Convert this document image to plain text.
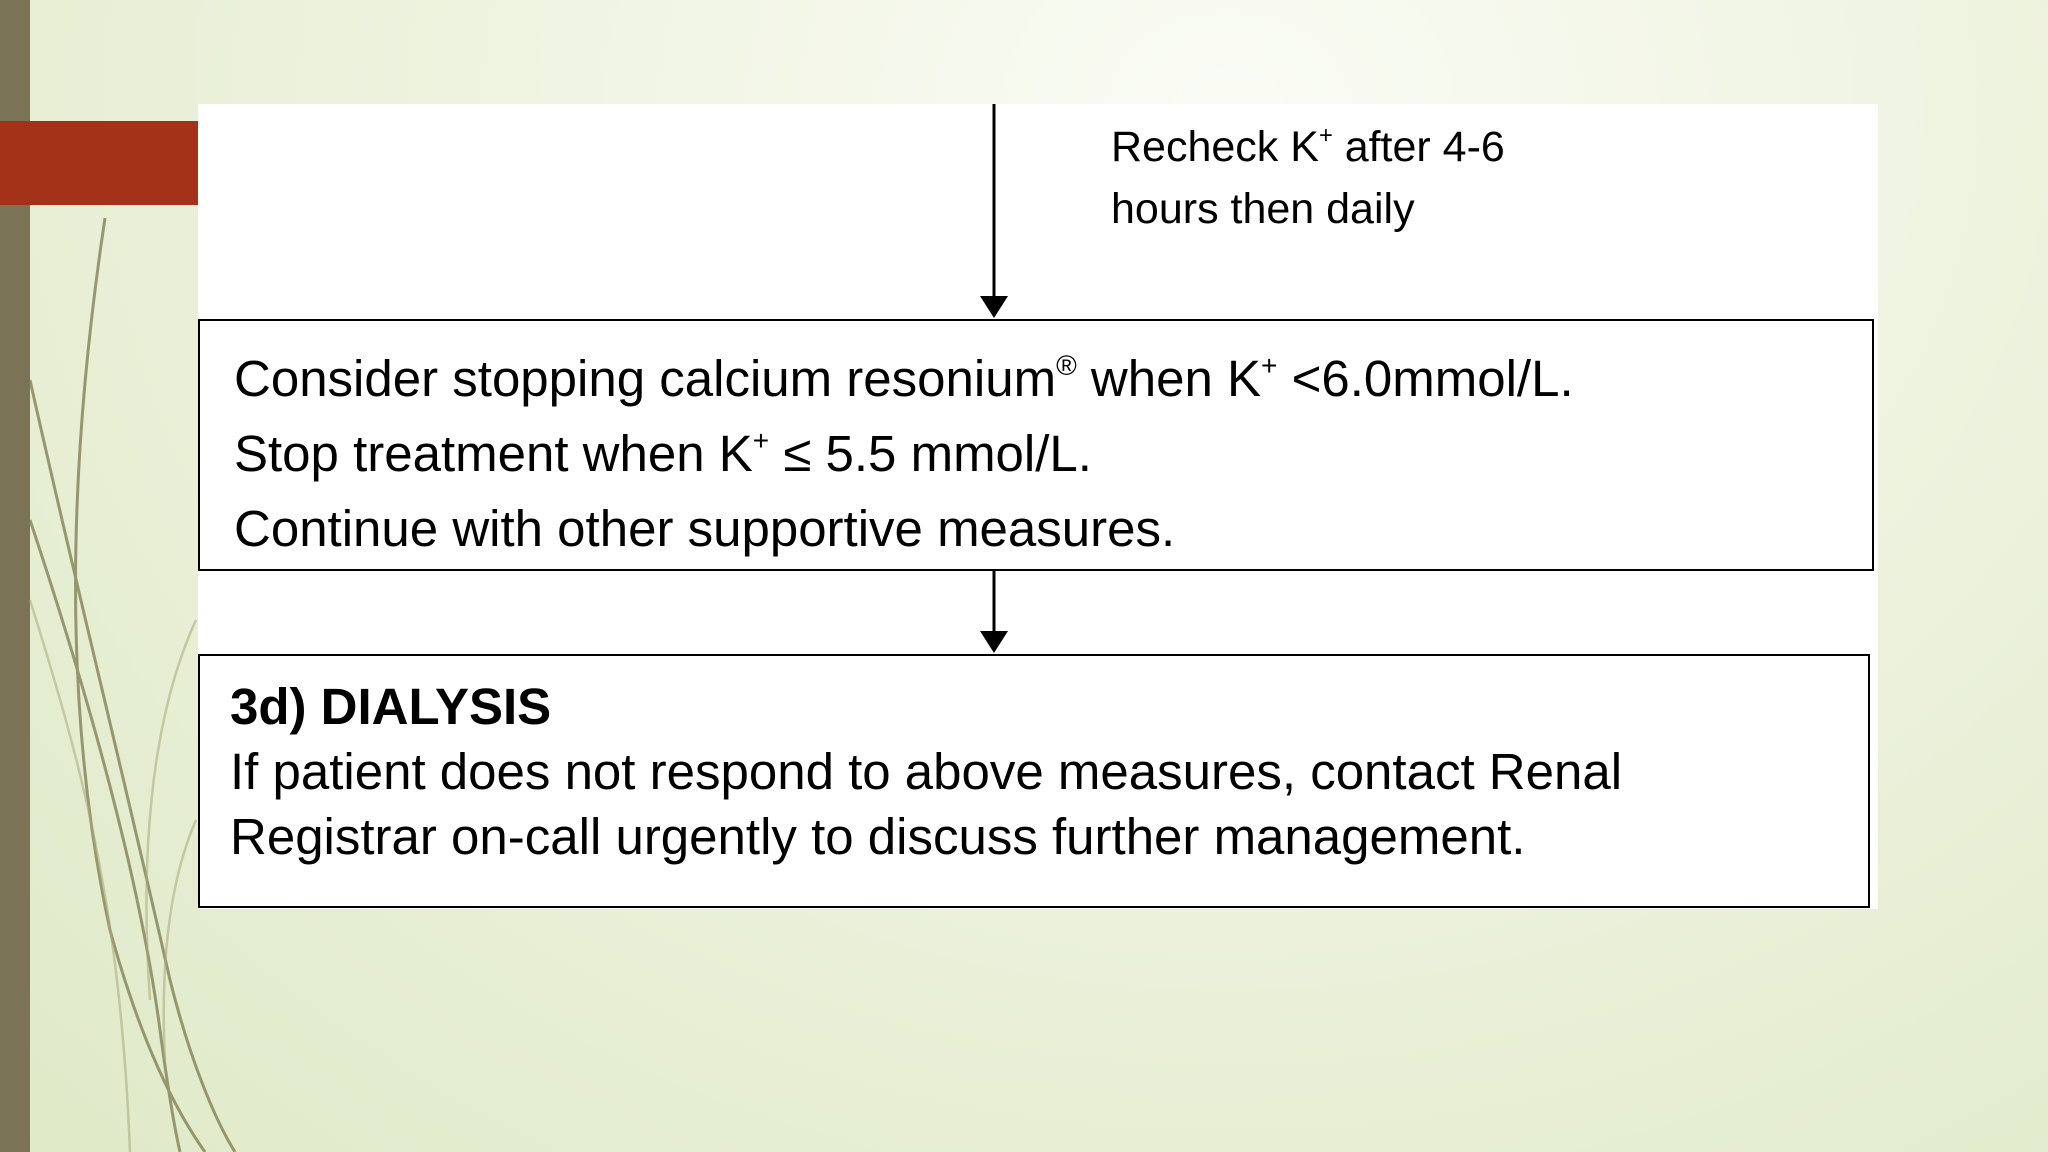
Recheck K+ after 4-6
hours then daily
Consider stopping calcium resonium® when K+ <6.0mmol/L.
Stop treatment when K+ ≤ 5.5 mmol/L.
Continue with other supportive measures.
3d) DIALYSIS
If patient does not respond to above measures, contact Renal
Registrar on-call urgently to discuss further management.
